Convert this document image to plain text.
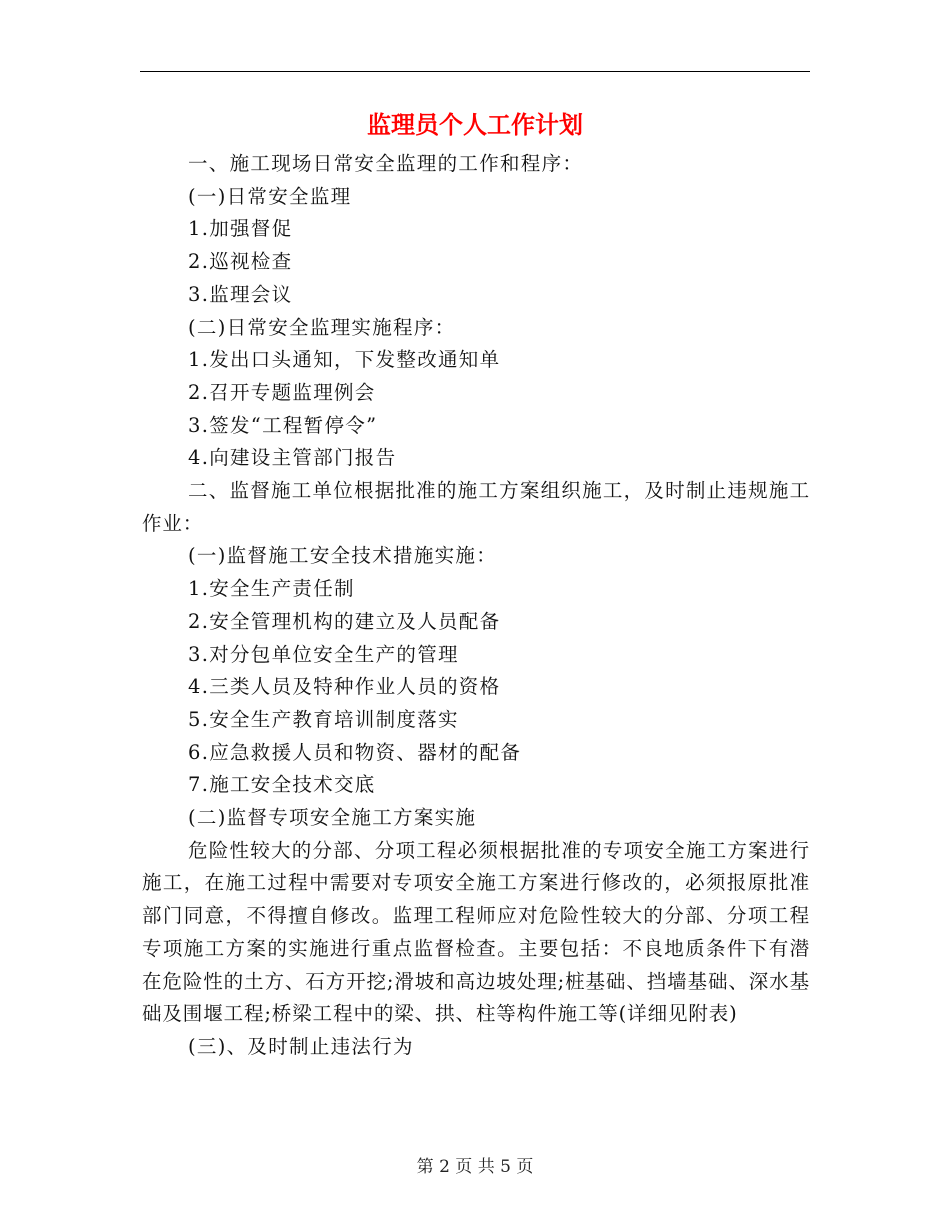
监理员个人工作计划

一、施工现场日常安全监理的工作和程序：

(一)日常安全监理

1.加强督促

2.巡视检查

3.监理会议

(二)日常安全监理实施程序：

1.发出口头通知，下发整改通知单

2.召开专题监理例会

3.签发“工程暂停令”

4.向建设主管部门报告

二、监督施工单位根据批准的施工方案组织施工，及时制止违规施工作业：

(一)监督施工安全技术措施实施：

1.安全生产责任制

2.安全管理机构的建立及人员配备

3.对分包单位安全生产的管理

4.三类人员及特种作业人员的资格

5.安全生产教育培训制度落实

6.应急救援人员和物资、器材的配备

7.施工安全技术交底

(二)监督专项安全施工方案实施

危险性较大的分部、分项工程必须根据批准的专项安全施工方案进行施工，在施工过程中需要对专项安全施工方案进行修改的，必须报原批准部门同意，不得擅自修改。监理工程师应对危险性较大的分部、分项工程专项施工方案的实施进行重点监督检查。主要包括：不良地质条件下有潜在危险性的土方、石方开挖;滑坡和高边坡处理;桩基础、挡墙基础、深水基础及围堰工程;桥梁工程中的梁、拱、柱等构件施工等(详细见附表)

(三)、及时制止违法行为

第 2 页 共 5 页
